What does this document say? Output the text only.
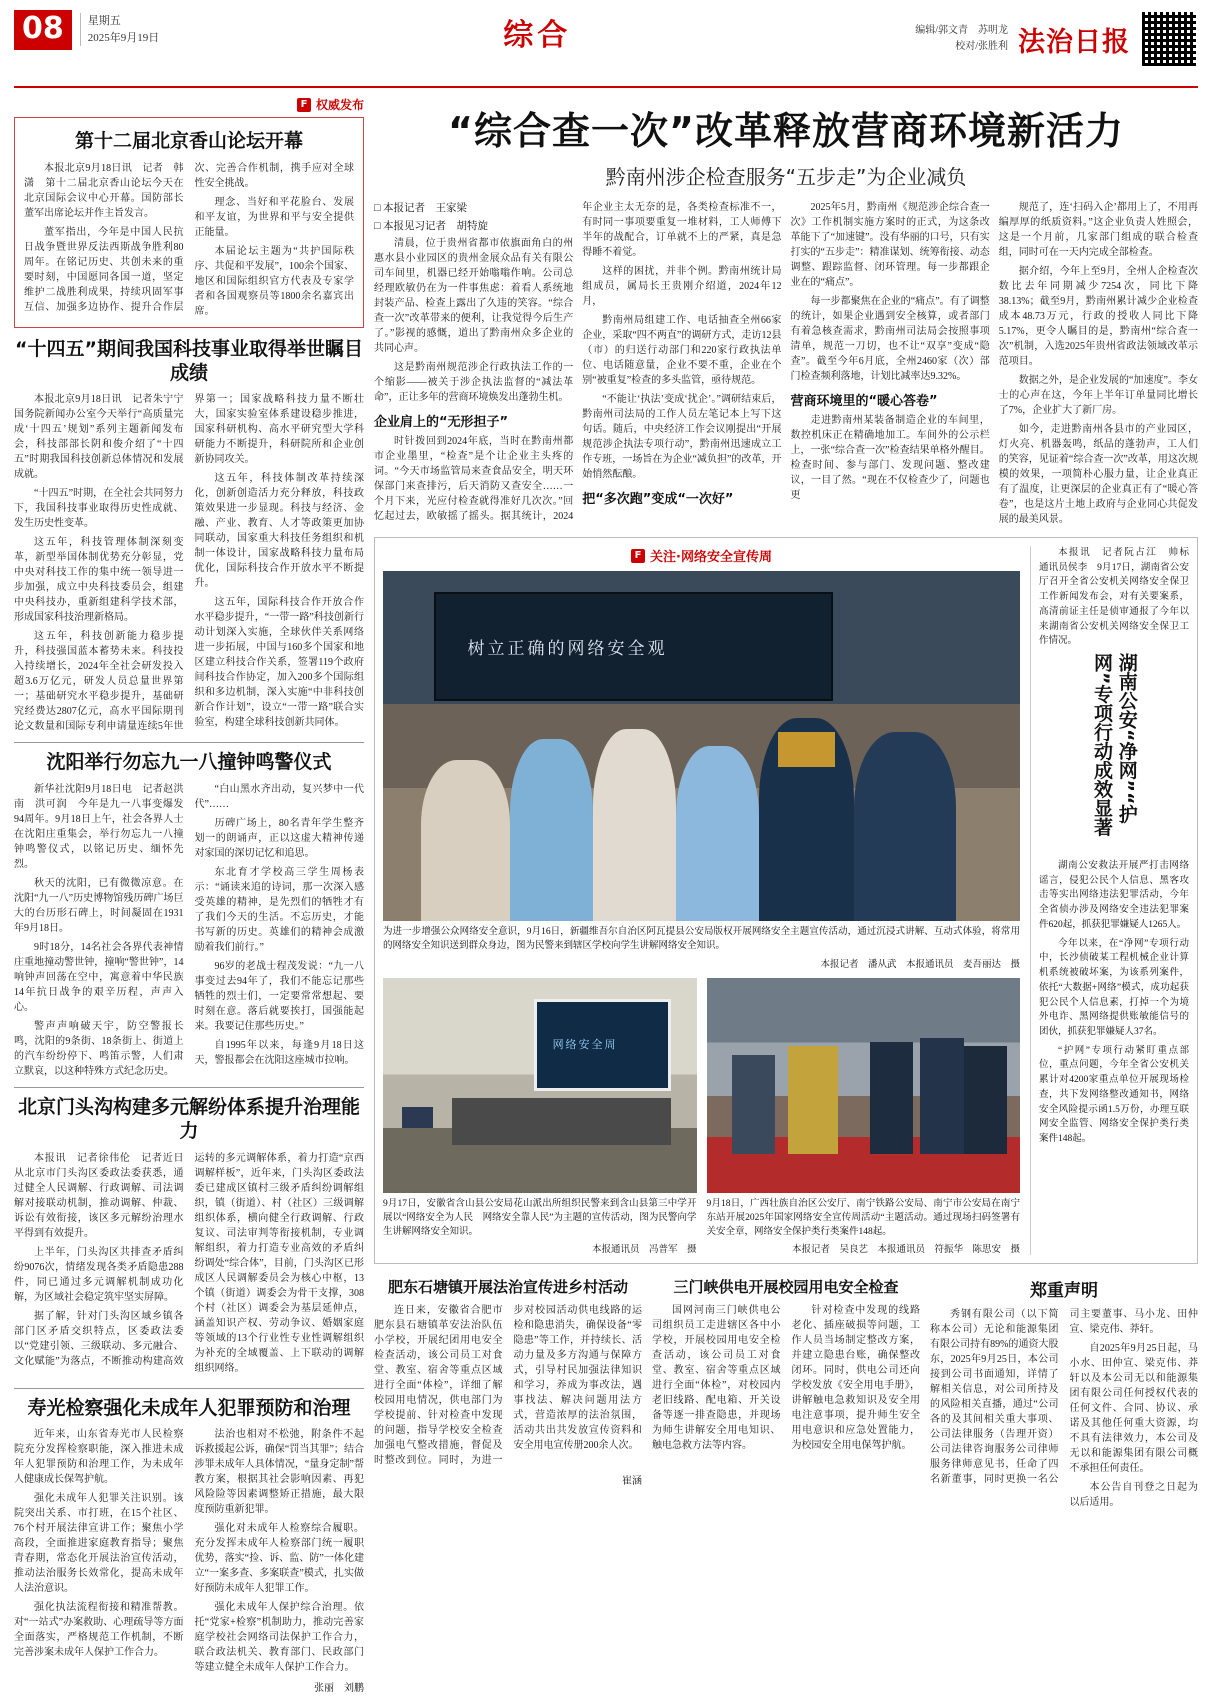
08	星期五
2025年9月19日	综合	编辑/郭文青　苏明龙
校对/张胜利 法治日报
F 权威发布
第十二届北京香山论坛开幕

本报北京9月18日讯　记者　韩潇　第十二届北京香山论坛今天在北京国际会议中心开幕。国防部长董军出席论坛并作主旨发言。

董军指出，今年是中国人民抗日战争暨世界反法西斯战争胜利80周年。在铭记历史、共创未来的重要时刻，中国愿同各国一道，坚定维护二战胜利成果，持续巩固军事互信、加强多边协作、提升合作层次、完善合作机制，携手应对全球性安全挑战。

理念、当好和平花脸台、发展和平友谊，为世界和平与安全提供正能量。

本届论坛主题为“共护国际秩序、共促和平发展”，100余个国家、地区和国际组织官方代表及专家学者和各国观察员等1800余名嘉宾出席。

“十四五”期间我国科技事业取得举世瞩目成绩

本报北京9月18日讯　记者朱宁宁　国务院新闻办公室今天举行“高质量完成‘十四五’规划”系列主题新闻发布会，科技部部长阴和俊介绍了“十四五”时期我国科技创新总体情况和发展成就。

“十四五”时期，在全社会共同努力下，我国科技事业取得历史性成就、发生历史性变革。

这五年，科技管理体制深刻变革，新型举国体制优势充分彰显，党中央对科技工作的集中统一领导进一步加强，成立中央科技委员会，组建中央科技办，重新组建科学技术部，形成国家科技治理新格局。

这五年，科技创新能力稳步提升，科技强国蓝本蓄势未来。科技投入持续增长，2024年全社会研发投入超3.6万亿元，研发人员总量世界第一；基础研究水平稳步提升，基础研究经费达2807亿元，高水平国际期刊论文数量和国际专利申请量连续5年世界第一；国家战略科技力量不断壮大，国家实验室体系建设稳步推进，国家科研机构、高水平研究型大学科研能力不断提升，科研院所和企业创新协同攻关。

这五年，科技体制改革持续深化，创新创造活力充分释放，科技政策效果进一步显现。科技与经济、金融、产业、教育、人才等政策更加协同联动，国家重大科技任务组织和机制一体设计，国家战略科技力量布局优化，国际科技合作开放水平不断提升。

这五年，国际科技合作开放合作水平稳步提升，“一带一路”科技创新行动计划深入实施，全球伙伴关系网络进一步拓展，中国与160多个国家和地区建立科技合作关系，签署119个政府间科技合作协定，加入200多个国际组织和多边机制，深入实施“中非科技创新合作计划”，设立“一带一路”联合实验室，构建全球科技创新共同体。

沈阳举行勿忘九一八撞钟鸣警仪式

新华社沈阳9月18日电　记者赵洪南　洪可润　今年是九一八事变爆发94周年。9月18日上午，社会各界人士在沈阳庄重集会，举行勿忘九一八撞钟鸣警仪式，以铭记历史、缅怀先烈。

秋天的沈阳，已有微微凉意。在沈阳“九一八”历史博物馆残历碑广场巨大的台历形石碑上，时间凝固在1931年9月18日。

9时18分，14名社会各界代表神情庄重地撞动警世钟，撞响“警世钟”，14响钟声回荡在空中，寓意着中华民族14年抗日战争的艰辛历程，声声入心。

警声声响破天宇，防空警报长鸣，沈阳的9条街、18条街上、街道上的汽车纷纷停下、鸣笛示警，人们肃立默哀，以这种特殊方式纪念历史。

“白山黑水齐出动，复兴梦中一代代”……

历碑广场上，80名青年学生整齐划一的朗诵声，正以这虚大精神传递对家国的深切记忆和追思。

东北育才学校高三学生周杨表示：“诵读来追的诗词，那一次深入感受英雄的精神，是先烈们的牺牲才有了我们今天的生活。不忘历史，才能书写新的历史。英雄们的精神会成激励着我们前行。”

96岁的老战士程茂发说：“九一八事变过去94年了，我们不能忘记那些牺牲的烈士们，一定要常常想起、要时刻在意。落后就要挨打，国强能起来。我要记住那些历史。”

自1995年以来，每逢9月18日这天，警报都会在沈阳这座城市拉响。

北京门头沟构建多元解纷体系提升治理能力

本报讯　记者徐伟伦　记者近日从北京市门头沟区委政法委获悉，通过健全人民调解、行政调解、司法调解对接联动机制，推动调解、仲裁、诉讼有效衔接，该区多元解纷治理水平得到有效提升。

上半年，门头沟区共排查矛盾纠纷9076次，情绪发现各类矛盾隐患288件，同已通过多元调解机制成功化解，为区域社会稳定筑牢坚实屏障。

据了解，针对门头沟区域乡镇各部门区矛盾交织特点，区委政法委以“党建引领、三级联动、多元融合、文化赋能”为落点，不断推动构建高效运转的多元调解体系，着力打造“京西调解样板”，近年来，门头沟区委政法委已建成区镇村三级矛盾纠纷调解组织，镇（街道）、村（社区）三级调解组织体系，横向健全行政调解、行政复议、司法审判等衔接机制，专业调解组织，着力打造专业高效的矛盾纠纷调处“综合体”，目前，门头沟区已形成区人民调解委员会为核心中枢，13个镇（街道）调委会为骨干支撑，308个村（社区）调委会为基层延伸点，涵盖知识产权、劳动争议、婚姻家庭等领域的13个行业性专业性调解组织为补充的全域覆盖、上下联动的调解组织网络。

寿光检察强化未成年人犯罪预防和治理

近年来，山东省寿光市人民检察院充分发挥检察职能，深入推进未成年人犯罪预防和治理工作，为未成年人健康成长保驾护航。

强化未成年人犯罪关注识别。该院突出关系、市打班，在15个社区、76个村开展法律宣讲工作；聚焦小学高段，全面推进家庭教育指导；聚焦青春期，常态化开展法治宣传活动，推动法治服务长效常化，提高未成年人法治意识。

强化执法流程衔接和精准帮教。对“一站式”办案救助、心理疏导等方面全面落实，严格规范工作机制，不断完善涉案未成年人保护工作合力。

法治也相对不松弛，附条件不起诉救援起公诉，确保“罚当其罪”；结合涉罪未成年人具体情况，“量身定制”帮教方案，根据其社会影响因素、再犯风险险等因素调整矫正措施，最大限度预防重新犯罪。

强化对未成年人检察综合履职。充分发挥未成年人检察部门统一履职优势，落实“捡、诉、监、防”一体化建立“一案多查、多案联查”模式，扎实做好预防未成年人犯罪工作。

强化未成年人保护综合治理。依托“党家+检察”机制助力，推动完善家庭学校社会网络司法保护工作合力，联合政法机关、教育部门、民政部门等建立健全未成年人保护工作合力。

张丽　刘鹏
“综合查一次”改革释放营商环境新活力
黔南州涉企检查服务“五步走”为企业减负
□ 本报记者　王家梁
□ 本报见习记者　胡特旋

清晨，位于贵州省都市依旗面角白的州惠水县小业园区的贵州金展众品有关有限公司车间里，机器已经开始嗡嗡作响。公司总经理欧敏仍在为一件事焦虑：着看人系统地封装产品、检查上露出了久违的笑容。“综合查一次”改革带来的便利，让我觉得今后生产了。”影视的感慨，道出了黔南州众多企业的共同心声。

这是黔南州规范涉企行政执法工作的一个缩影——被关于涉企执法监督的“减法革命”，正让多年的营商环境焕发出蓬勃生机。

企业肩上的“无形担子”

时针拨回到2024年底，当时在黔南州都市企业墨里，“检查”是个让企业主头疼的词。“今天市场监管局来查食品安全，明天环保部门来查排污，后天消防又查安全……一个月下来，光应付检查就得准好几次次。”回忆起过去，欧敏摇了摇头。据其统计，2024年企业主太无奈的是，各类检查标准不一，有时同一事项要重复一堆材料，工人师傅下半年的战配合，订单就不上的严紧，真是急得睡不着觉。

这样的困扰，并非个例。黔南州统计局组成员，属局长王贵刚介绍道，2024年12月，

黔南州局组建工作、电话抽查全州66家企业，采取“四不两直”的调研方式，走访12县（市）的归送行动部门和220家行政执法单位、电话随意量，企业不要不重，企业在个别“被重复”检查的多头监管，亟待规范。

“不能让‘执法’变成‘扰企’。”调研结束后，黔南州司法局的工作人员左笔记本上写下这句话。随后，中央经济工作会议刚提出“开展规范涉企执法专项行动”，黔南州迅速成立工作专班，一场旨在为企业“减负担”的改革，开始悄然酝酿。

把“多次跑”变成“一次好”

2025年5月，黔南州《规范涉企综合查一次》工作机制实施方案时的正式，为这条改革能下了“加速键”。没有华丽的口号，只有实打实的“五步走”：精准谋划、统筹衔接、动态调整、跟踪监督、闭环管理。每一步都跟企业在的“痛点”。

每一步都聚焦在企业的“痛点”。有了调整的统计，如果企业遇到安全核算，或者部门有着急核查需求，黔南州司法局会按照事项清单，规范一刀切，也不让“双享”变成“隐查”。截至今年6月底，全州2460家（次）部门检查频利落地，计划比减率达9.32%。

营商环境里的“暖心答卷”

走进黔南州某装备制造企业的车间里，数控机床正在精确地加工。车间外的公示栏上，一张“综合查一次”检查结果单格外醒目。检查时间、参与部门、发现问题、整改建议，一目了然。“现在不仅检查少了，问题也更

规范了，连‘扫码入企’都用上了，不用再编厚厚的纸质资料。”这企业负责人姓照会，这是一个月前，几家部门组成的联合检查组，同时可在一天内完成全部检查。

据介绍，今年上至9月，全州人企检查次数比去年同期减少7254次，同比下降38.13%；截至9月，黔南州累计减少企业检查成本48.73万元，行政的授收人同比下降5.17%，更令人瞩目的是，黔南州“综合查一次”机制，入选2025年贵州省政法领域改革示范项目。

数据之外，是企业发展的“加速度”。李女士的心声在这，今年上半年订单量同比增长了7%，企业扩大了新厂房。

如今，走进黔南州各县市的产业园区，灯火亮、机器轰鸣，纸品的蓬勃声，工人们的笑容，见证着“综合查一次”改革，用这次规模的效果，一项简朴心服力量，让企业真正有了温度，让更深层的企业真正有了“暖心答卷”，也是这片土地上政府与企业同心共促发展的最美风景。

F 关注·网络安全宣传周
树立正确的网络安全观
为进一步增强公众网络安全意识，9月16日，新疆维吾尔自治区阿瓦提县公安局版权开展网络安全主题宣传活动，通过沉浸式讲解、互动式体验，将常用的网络安全知识送到群众身边，图为民警来到辖区学校向学生讲解网络安全知识。
本报记者　潘从武　本报通讯员　麦吾丽达　摄
网络安全周
9月17日，安徽省含山县公安局花山派出所组织民警来到含山县第三中学开展以“网络安全为人民　网络安全靠人民”为主题的宣传活动，图为民警向学生讲解网络安全知识。
本报通讯员　冯普军　摄
9月18日，广西壮族自治区公安厅、南宁铁路公安局、南宁市公安局在南宁东站开展2025年国家网络安全宣传周活动“主题活动。通过现场扫码签署有关安全章，网络安全保护类行类案件148起。
本报记者　吴良艺　本报通讯员　符振华　陈思安　摄
本报讯　记者阮占江　帅标　通讯员侯李　9月17日，湖南省公安厅召开全省公安机关网络安全保卫工作新闻发布会，对有关要案系，高清前证主任是侦审通报了今年以来湖南省公安机关网络安全保卫工作情况。
湖南公安“净网”“护网”专项行动成效显著
湖南公安救法开展严打击网络谣言，侵犯公民个人信息、黑客攻击等实出网络违法犯罪活动，今年全省侦办涉及网络安全违法犯罪案件620起，抓获犯罪嫌疑人1265人。
今年以来，在“净网”专项行动中，长沙侦破某工程机械企业计算机系统被破坏案，为该系列案件，依托“大数据+网络”模式，成功起获犯公民个人信息素，打掉一个为境外电诈、黑网络提供账敏能信号的团伙，抓获犯罪嫌疑人37名。
“护网”专项行动紧盯重点部位，重点问题，今年全省公安机关累计对4200家重点单位开展现场检查，共下发网络整改通知书，网络安全风险提示函1.5万份，办理互联网安全监管、网络安全保护类行类案件148起。
肥东石塘镇开展法治宣传进乡村活动

连日来，安徽省合肥市肥东县石塘镇革安法治队伍小学校，开展纪团用电安全检查活动，该公司员工对食堂、教室、宿舍等重点区域进行全面“体检”，详细了解校园用电情况，供电部门为学校提前、针对检查中发现的问题，指导学校安全检查加强电气整改措施，督促及时整改到位。同时，为进一步对校园活动供电线路的运检和隐患消失，确保设备“零隐患”等工作，并持续长、活动力量及多方沟通与保障方式，引导村民加强法律知识和学习，养成为事改法，遇事找法、解决问题用法方式，营造浓厚的法治氛围，活动共出共发放宣传资料和安全用电宣传册200余人次。

崔涵
三门峡供电开展校园用电安全检查

国网河南三门峡供电公司组织员工走进辖区各中小学校，开展校园用电安全检查活动，该公司员工对食堂、教室、宿舍等重点区域进行全面“体检”，对校园内老旧线路、配电箱、开关设备等逐一排查隐患，并现场为师生讲解安全用电知识、触电急救方法等内容。

针对检查中发现的线路老化、插座破损等问题，工作人员当场制定整改方案，并建立隐患台账，确保整改闭环。同时，供电公司还向学校发放《安全用电手册》，讲解触电急救知识及安全用电注意事项，提升师生安全用电意识和应急处置能力，为校园安全用电保驾护航。

郑重声明

秀钢有限公司（以下简称本公司）无论和能源集团有限公司持有89%的通资大股东，2025年9月25日，本公司接到公司书面通知，详情了解相关信息，对公司所持及的风险相关直播，通过“公司各的及其间相关重大事项、公司法律服务（告理开资）公司法律咨询服务公司律师服务律师意见书，任命了四名新董事，同时更换一名公司主要董事、马小龙、田仲宣、梁克伟、莽轩。

自2025年9月25日起，马小水、田仲宣、梁克伟、莽轩以及本公司无以和能源集团有限公司任何授权代表的任何文件、合同、协议、承诺及其他任何重大资源，均不具有法律效力，本公司及无以和能源集团有限公司概不承担任何责任。

本公告自刊登之日起为以后适用。
